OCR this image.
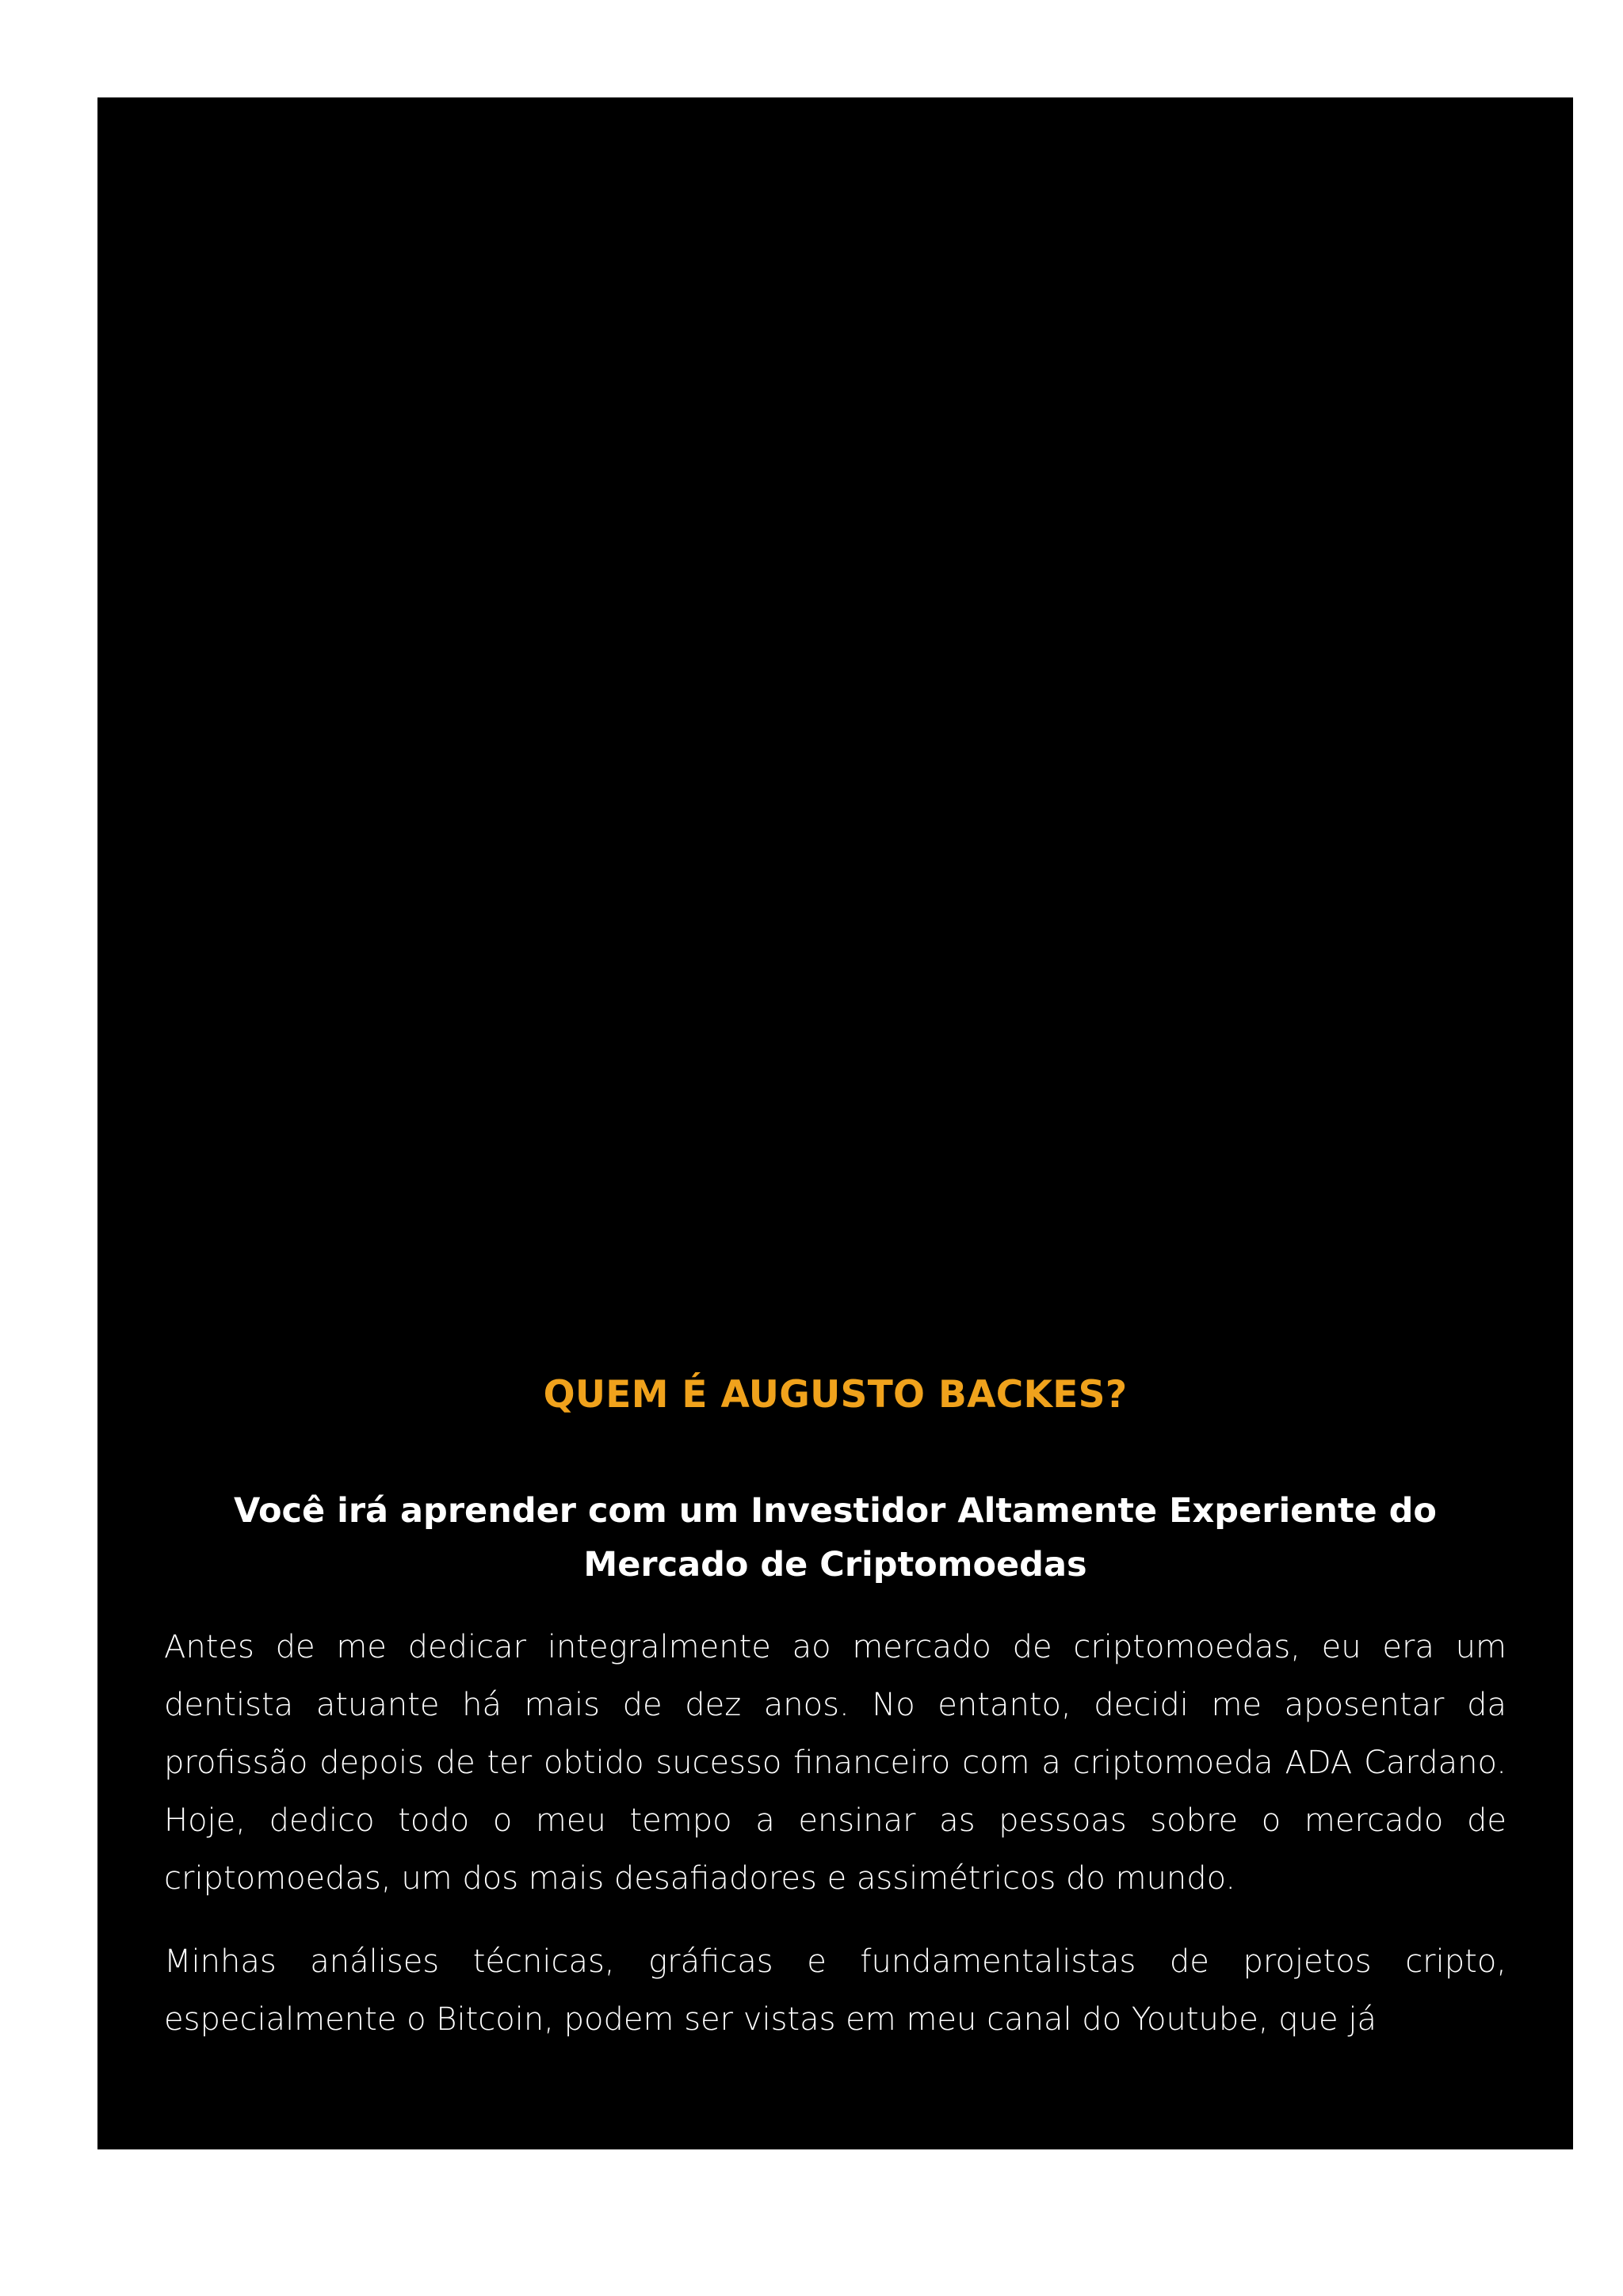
QUEM É AUGUSTO BACKES?
Você irá aprender com um Investidor Altamente Experiente do Mercado de Criptomoedas

Antes de me dedicar integralmente ao mercado de criptomoedas, eu era um dentista atuante há mais de dez anos. No entanto, decidi me aposentar da profissão depois de ter obtido sucesso financeiro com a criptomoeda ADA Cardano. Hoje, dedico todo o meu tempo a ensinar as pessoas sobre o mercado de criptomoedas, um dos mais desafiadores e assimétricos do mundo.

Minhas análises técnicas, gráficas e fundamentalistas de projetos cripto, especialmente o Bitcoin, podem ser vistas em meu canal do Youtube, que já
